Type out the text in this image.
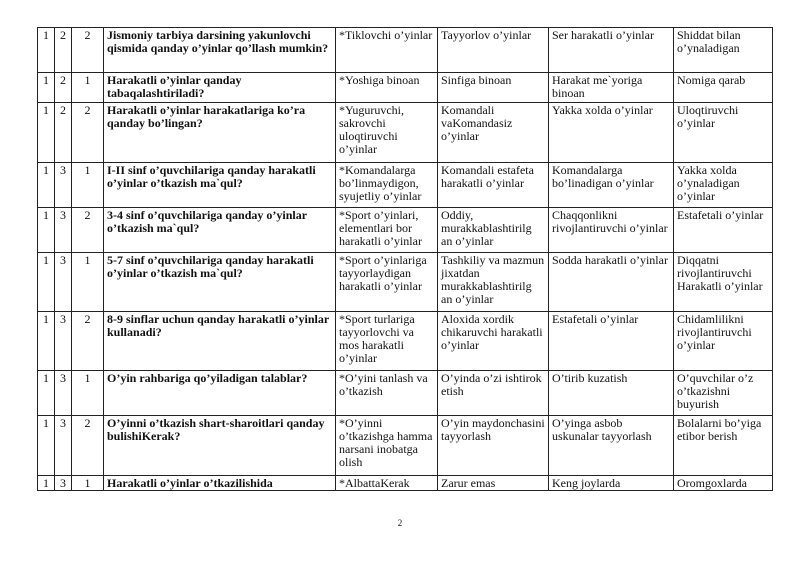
1	2	2	Jismoniy tarbiya darsining yakunlovchi qismida qanday o’yinlar qo’llash mumkin?	*Tiklovchi o’yinlar	Tayyorlov o’yinlar	Ser harakatli o’yinlar	Shiddat bilan o’ynaladigan
1	2	1	Harakatli o’yinlar qanday tabaqalashtiriladi?	*Yoshiga binoan	Sinfiga binoan	Harakat me`yoriga binoan	Nomiga qarab
1	2	2	Harakatli o’yinlar harakatlariga ko’ra qanday bo’lingan?	*Yuguruvchi, sakrovchi uloqtiruvchi o’yinlar	Komandali vaKomandasiz o’yinlar	Yakka xolda o’yinlar	Uloqtiruvchi o’yinlar
1	3	1	I-II sinf o’quvchilariga qanday harakatli o’yinlar o’tkazish ma`qul?	*Komandalarga bo’linmaydigon, syujetliy o’yinlar	Komandali estafeta harakatli o’yinlar	Komandalarga bo’linadigan o’yinlar	Yakka xolda o’ynaladigan o’yinlar
1	3	2	3-4 sinf o’quvchilariga qanday o’yinlar o’tkazish ma`qul?	*Sport o’yinlari, elementlari bor harakatli o’yinlar	Oddiy, murakkablashtirilg an o’yinlar	Chaqqonlikni rivojlantiruvchi o’yinlar	Estafetali o’yinlar
1	3	1	5-7 sinf o’quvchilariga qanday harakatli o’yinlar o’tkazish ma`qul?	*Sport o’yinlariga tayyorlaydigan harakatli o’yinlar	Tashkiliy va mazmun jixatdan murakkablashtirilg an o’yinlar	Sodda harakatli o’yinlar	Diqqatni rivojlantiruvchi Harakatli o’yinlar
1	3	2	8-9 sinflar uchun qanday harakatli o’yinlar kullanadi?	*Sport turlariga tayyorlovchi va mos harakatli o’yinlar	Aloxida xordik chikaruvchi harakatli o’yinlar	Estafetali o’yinlar	Chidamlilikni rivojlantiruvchi o’yinlar
1	3	1	O’yin rahbariga qo’yiladigan talablar?	*O’yini tanlash va o’tkazish	O’yinda o’zi ishtirok etish	O’tirib kuzatish	O’quvchilar o’z o’tkazishni buyurish
1	3	2	O’yinni o’tkazish shart-sharoitlari qanday bulishiKerak?	*O’yinni o’tkazishga hamma narsani inobatga olish	O’yin maydonchasini tayyorlash	O’yinga asbob uskunalar tayyorlash	Bolalarni bo’yiga etibor berish
1	3	1	Harakatli o’yinlar o’tkazilishida	*AlbattaKerak	Zarur emas	Keng joylarda	Oromgoxlarda
2
